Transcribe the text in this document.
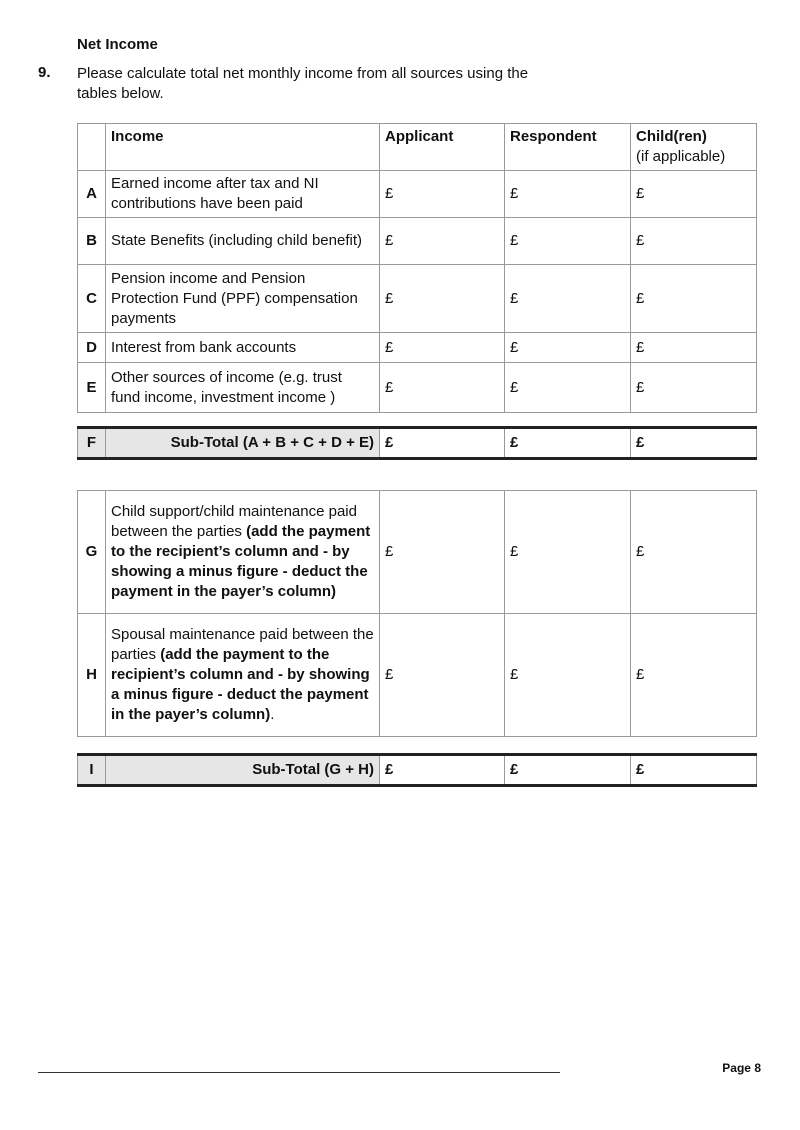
Net Income
9. Please calculate total net monthly income from all sources using the tables below.
	Income	Applicant	Respondent	Child(ren)
(if applicable)

A	Earned income after tax and NI contributions have been paid	£	£	£
B	State Benefits (including child benefit)	£	£	£
C	Pension income and Pension Protection Fund (PPF) compensation payments	£	£	£
D	Interest from bank accounts	£	£	£
E	Other sources of income (e.g. trust fund income, investment income )	£	£	£
F	Sub-Total (A + B + C + D + E)	£	£	£
G	Child support/child maintenance paid between the parties (add the payment to the recipient’s column and - by showing a minus figure - deduct the payment in the payer’s column)	£	£	£
H	Spousal maintenance paid between the parties (add the payment to the recipient’s column and - by showing a minus figure - deduct the payment in the payer’s column).	£	£	£
I	Sub-Total (G + H)	£	£	£
Page 8
